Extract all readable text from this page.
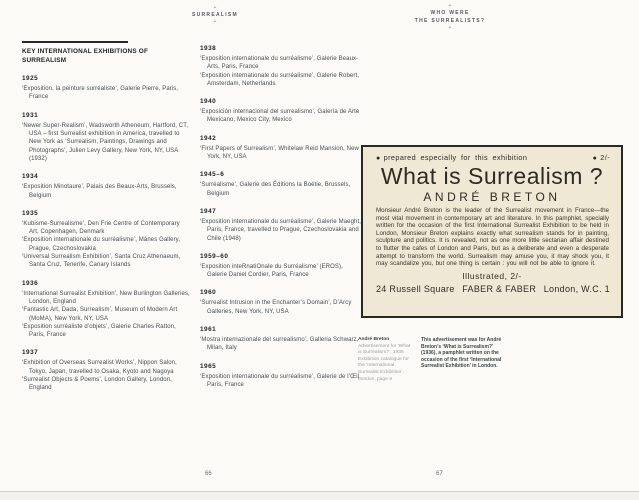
+
SURREALISM
+
+
WHO WERE
THE SURREALISTS?
+
KEY INTERNATIONAL EXHIBITIONS OF SURREALISM
1925
‘Exposition, la peinture surréaliste’, Galerie Pierre, Paris, France
1931
‘Newer Super-Realism’, Wadsworth Atheneum, Hartford, CT, USA – first Surrealist exhibition in America, travelled to New York as ‘Surrealism, Paintings, Drawings and Photographs’, Julien Levy Gallery, New York, NY, USA (1932)
1934
‘Exposition Minotaure’, Palais des Beaux-Arts, Brussels, Belgium
1935
‘Kubisme-Surrealisme’, Den Frie Centre of Contemporary Art, Copenhagen, Denmark
‘Exposition internationale du surréalisme’, Mánes Gallery, Prague, Czechoslovakia
‘Universal Surrealism Exhibition’, Santa Cruz Athenaeum, Santa Cruz, Tenerife, Canary Islands
1936
‘International Surrealist Exhibition’, New Burlington Galleries, London, England
‘Fantastic Art, Dada, Surrealism’, Museum of Modern Art (MoMA), New York, NY, USA
‘Exposition surréaliste d’objets’, Galerie Charles Ratton, Paris, France
1937
‘Exhibition of Overseas Surrealist Works’, Nippon Salon, Tokyo, Japan, travelled to Osaka, Kyoto and Nagoya
‘Surrealist Objects & Poems’, London Gallery, London, England
1938
‘Exposition internationale du surréalisme’, Galerie Beaux-Arts, Paris, France
‘Exposition internationale du surréalisme’, Galerie Robert, Amsterdam, Netherlands
1940
‘Exposición internacional del surrealismo’, Galería de Arte Mexicano, Mexico City, Mexico
1942
‘First Papers of Surrealism’, Whitelaw Reid Mansion, New York, NY, USA
1945–6
‘Surréalisme’, Galerie des Éditions la Boétie, Brussels, Belgium
1947
‘Exposition internationale du surréalisme’, Galerie Maeght, Paris, France, travelled to Prague, Czechoslovakia and Chile (1948)
1959–60
‘Exposition inteRnatiOnale du Surréalisme’ (EROS), Galerie Daniel Cordier, Paris, France
1960
‘Surrealist Intrusion in the Enchanter’s Domain’, D’Arcy Galleries, New York, NY, USA
1961
‘Mostra internazionale del surrealismo’, Galleria Schwarz, Milan, Italy
1965
‘Exposition internationale du surréalisme’, Galerie de l’Œil, Paris, France
● prepared especially for this exhibition	● 2/-
What is Surrealism ?
ANDRÉ BRETON

Monsieur André Breton is the leader of the Surrealist movement in France—the most vital movement in contemporary art and literature. In this pamphlet, specially written for the occasion of the first International Surrealist Exhibition to be held in London, Monsieur Breton explains exactly what surrealism stands for in painting, sculpture and politics. It is revealed, not as one more little sectarian affair destined to flutter the cafes of London and Paris, but as a deliberate and even a desperate attempt to transform the world. Surrealism may amuse you, it may shock you, it may scandalize you, but one thing is certain : you will not be able to ignore it.

Illustrated, 2/-
24 Russell Square FABER & FABER London, W.C. 1
André Breton
Advertisement for ‘What is Surrealism?’, 1936 Exhibition catalogue for the ‘International Surrealist Exhibition’, London, page 9
This advertisement was for André Breton’s ‘What is Surrealism?’ (1936), a pamphlet written on the occasion of the first ‘International Surrealist Exhibition’ in London.
66	67
